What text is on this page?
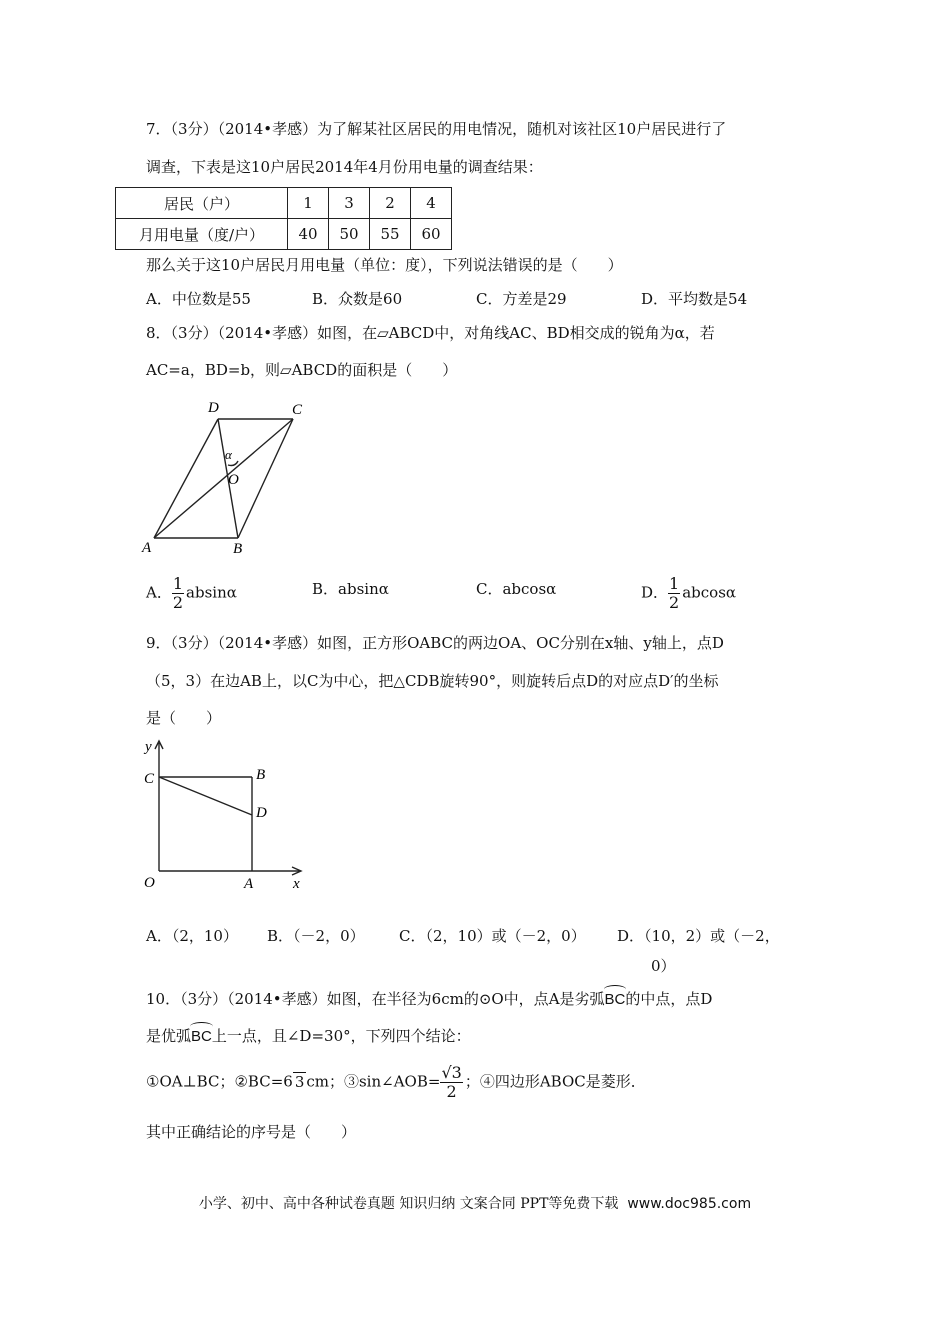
7．（3分）（2014•孝感）为了解某社区居民的用电情况，随机对该社区10户居民进行了
调查，下表是这10户居民2014年4月份用电量的调查结果：
居民（户）	1	3	2	4
月用电量（度/户）	40	50	55	60
那么关于这10户居民月用电量（单位：度），下列说法错误的是（　　）
A．中位数是55	B．众数是60	C．方差是29	D．平均数是54
8．（3分）（2014•孝感）如图，在▱ABCD中，对角线AC、BD相交成的锐角为α，若
AC=a，BD=b，则▱ABCD的面积是（　　）
D	C
α
O
A	B
A． $\frac{1}{2}$ absinα	B．absinα	C．abcosα	D． $\frac{1}{2}$ abcosα
9．（3分）（2014•孝感）如图，正方形OABC的两边OA、OC分别在x轴、y轴上，点D
（5，3）在边AB上，以C为中心，把△CDB旋转90°，则旋转后点D的对应点D′的坐标
是（　　）
y
x
C	B
D
O	A
A．（2，10） B．（－2，0） C．（2，10）或（－2，0） D．（10，2）或（－2，
0）
10．（3分）（2014•孝感）如图，在半径为6cm的⊙O中，点A是劣弧BC的中点，点D
是优弧BC上一点，且∠D=30°，下列四个结论：
①OA⊥BC；②BC=6 3 cm；③sin∠AOB= $\frac{√3}{2}$ ；④四边形ABOC是菱形．
其中正确结论的序号是（　　）
小学、初中、高中各种试卷真题 知识归纳 文案合同 PPT等免费下载 www.doc985.com
